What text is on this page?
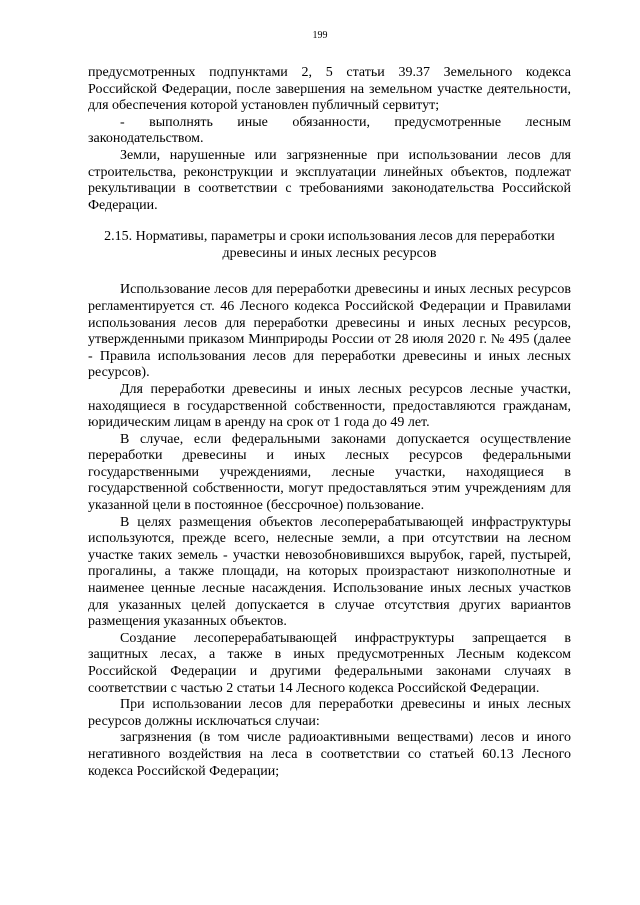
199

предусмотренных подпунктами 2, 5 статьи 39.37 Земельного кодекса Российской Федерации, после завершения на земельном участке деятельности, для обеспечения которой установлен публичный сервитут;

- выполнять иные обязанности, предусмотренные лесным законодательством.

Земли, нарушенные или загрязненные при использовании лесов для строительства, реконструкции и эксплуатации линейных объектов, подлежат рекультивации в соответствии с требованиями законодательства Российской Федерации.

2.15. Нормативы, параметры и сроки использования лесов для переработки
древесины и иных лесных ресурсов

Использование лесов для переработки древесины и иных лесных ресурсов регламентируется ст. 46 Лесного кодекса Российской Федерации и Правилами использования лесов для переработки древесины и иных лесных ресурсов, утвержденными приказом Минприроды России от 28 июля 2020 г. № 495 (далее - Правила использования лесов для переработки древесины и иных лесных ресурсов).

Для переработки древесины и иных лесных ресурсов лесные участки, находящиеся в государственной собственности, предоставляются гражданам, юридическим лицам в аренду на срок от 1 года до 49 лет.

В случае, если федеральными законами допускается осуществление переработки древесины и иных лесных ресурсов федеральными государственными учреждениями, лесные участки, находящиеся в государственной собственности, могут предоставляться этим учреждениям для указанной цели в постоянное (бессрочное) пользование.

В целях размещения объектов лесоперерабатывающей инфраструктуры используются, прежде всего, нелесные земли, а при отсутствии на лесном участке таких земель - участки невозобновившихся вырубок, гарей, пустырей, прогалины, а также площади, на которых произрастают низкополнотные и наименее ценные лесные насаждения. Использование иных лесных участков для указанных целей допускается в случае отсутствия других вариантов размещения указанных объектов.

Создание лесоперерабатывающей инфраструктуры запрещается в защитных лесах, а также в иных предусмотренных Лесным кодексом Российской Федерации и другими федеральными законами случаях в соответствии с частью 2 статьи 14 Лесного кодекса Российской Федерации.

При использовании лесов для переработки древесины и иных лесных ресурсов должны исключаться случаи:

загрязнения (в том числе радиоактивными веществами) лесов и иного негативного воздействия на леса в соответствии со статьей 60.13 Лесного кодекса Российской Федерации;
